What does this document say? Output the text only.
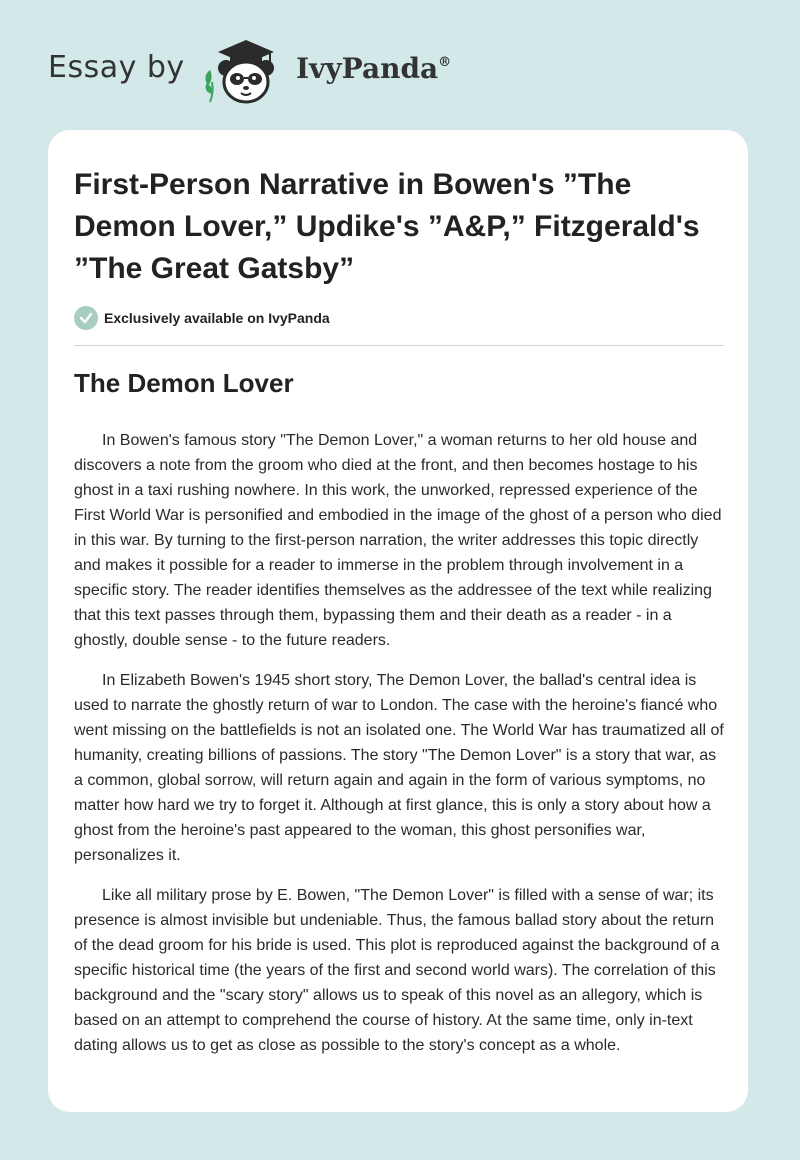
Essay by	IvyPanda®
First-Person Narrative in Bowen's ”The Demon Lover,” Updike's ”A&P,” Fitzgerald's ”The Great Gatsby”
Exclusively available on IvyPanda
The Demon Lover

In Bowen's famous story "The Demon Lover," a woman returns to her old house and discovers a note from the groom who died at the front, and then becomes hostage to his ghost in a taxi rushing nowhere. In this work, the unworked, repressed experience of the First World War is personified and embodied in the image of the ghost of a person who died in this war. By turning to the first-person narration, the writer addresses this topic directly and makes it possible for a reader to immerse in the problem through involvement in a specific story. The reader identifies themselves as the addressee of the text while realizing that this text passes through them, bypassing them and their death as a reader - in a ghostly, double sense - to the future readers.

In Elizabeth Bowen's 1945 short story, The Demon Lover, the ballad's central idea is used to narrate the ghostly return of war to London. The case with the heroine's fiancé who went missing on the battlefields is not an isolated one. The World War has traumatized all of humanity, creating billions of passions. The story "The Demon Lover" is a story that war, as a common, global sorrow, will return again and again in the form of various symptoms, no matter how hard we try to forget it. Although at first glance, this is only a story about how a ghost from the heroine's past appeared to the woman, this ghost personifies war, personalizes it.

Like all military prose by E. Bowen, "The Demon Lover" is filled with a sense of war; its presence is almost invisible but undeniable. Thus, the famous ballad story about the return of the dead groom for his bride is used. This plot is reproduced against the background of a specific historical time (the years of the first and second world wars). The correlation of this background and the "scary story" allows us to speak of this novel as an allegory, which is based on an attempt to comprehend the course of history. At the same time, only in-text dating allows us to get as close as possible to the story's concept as a whole.
